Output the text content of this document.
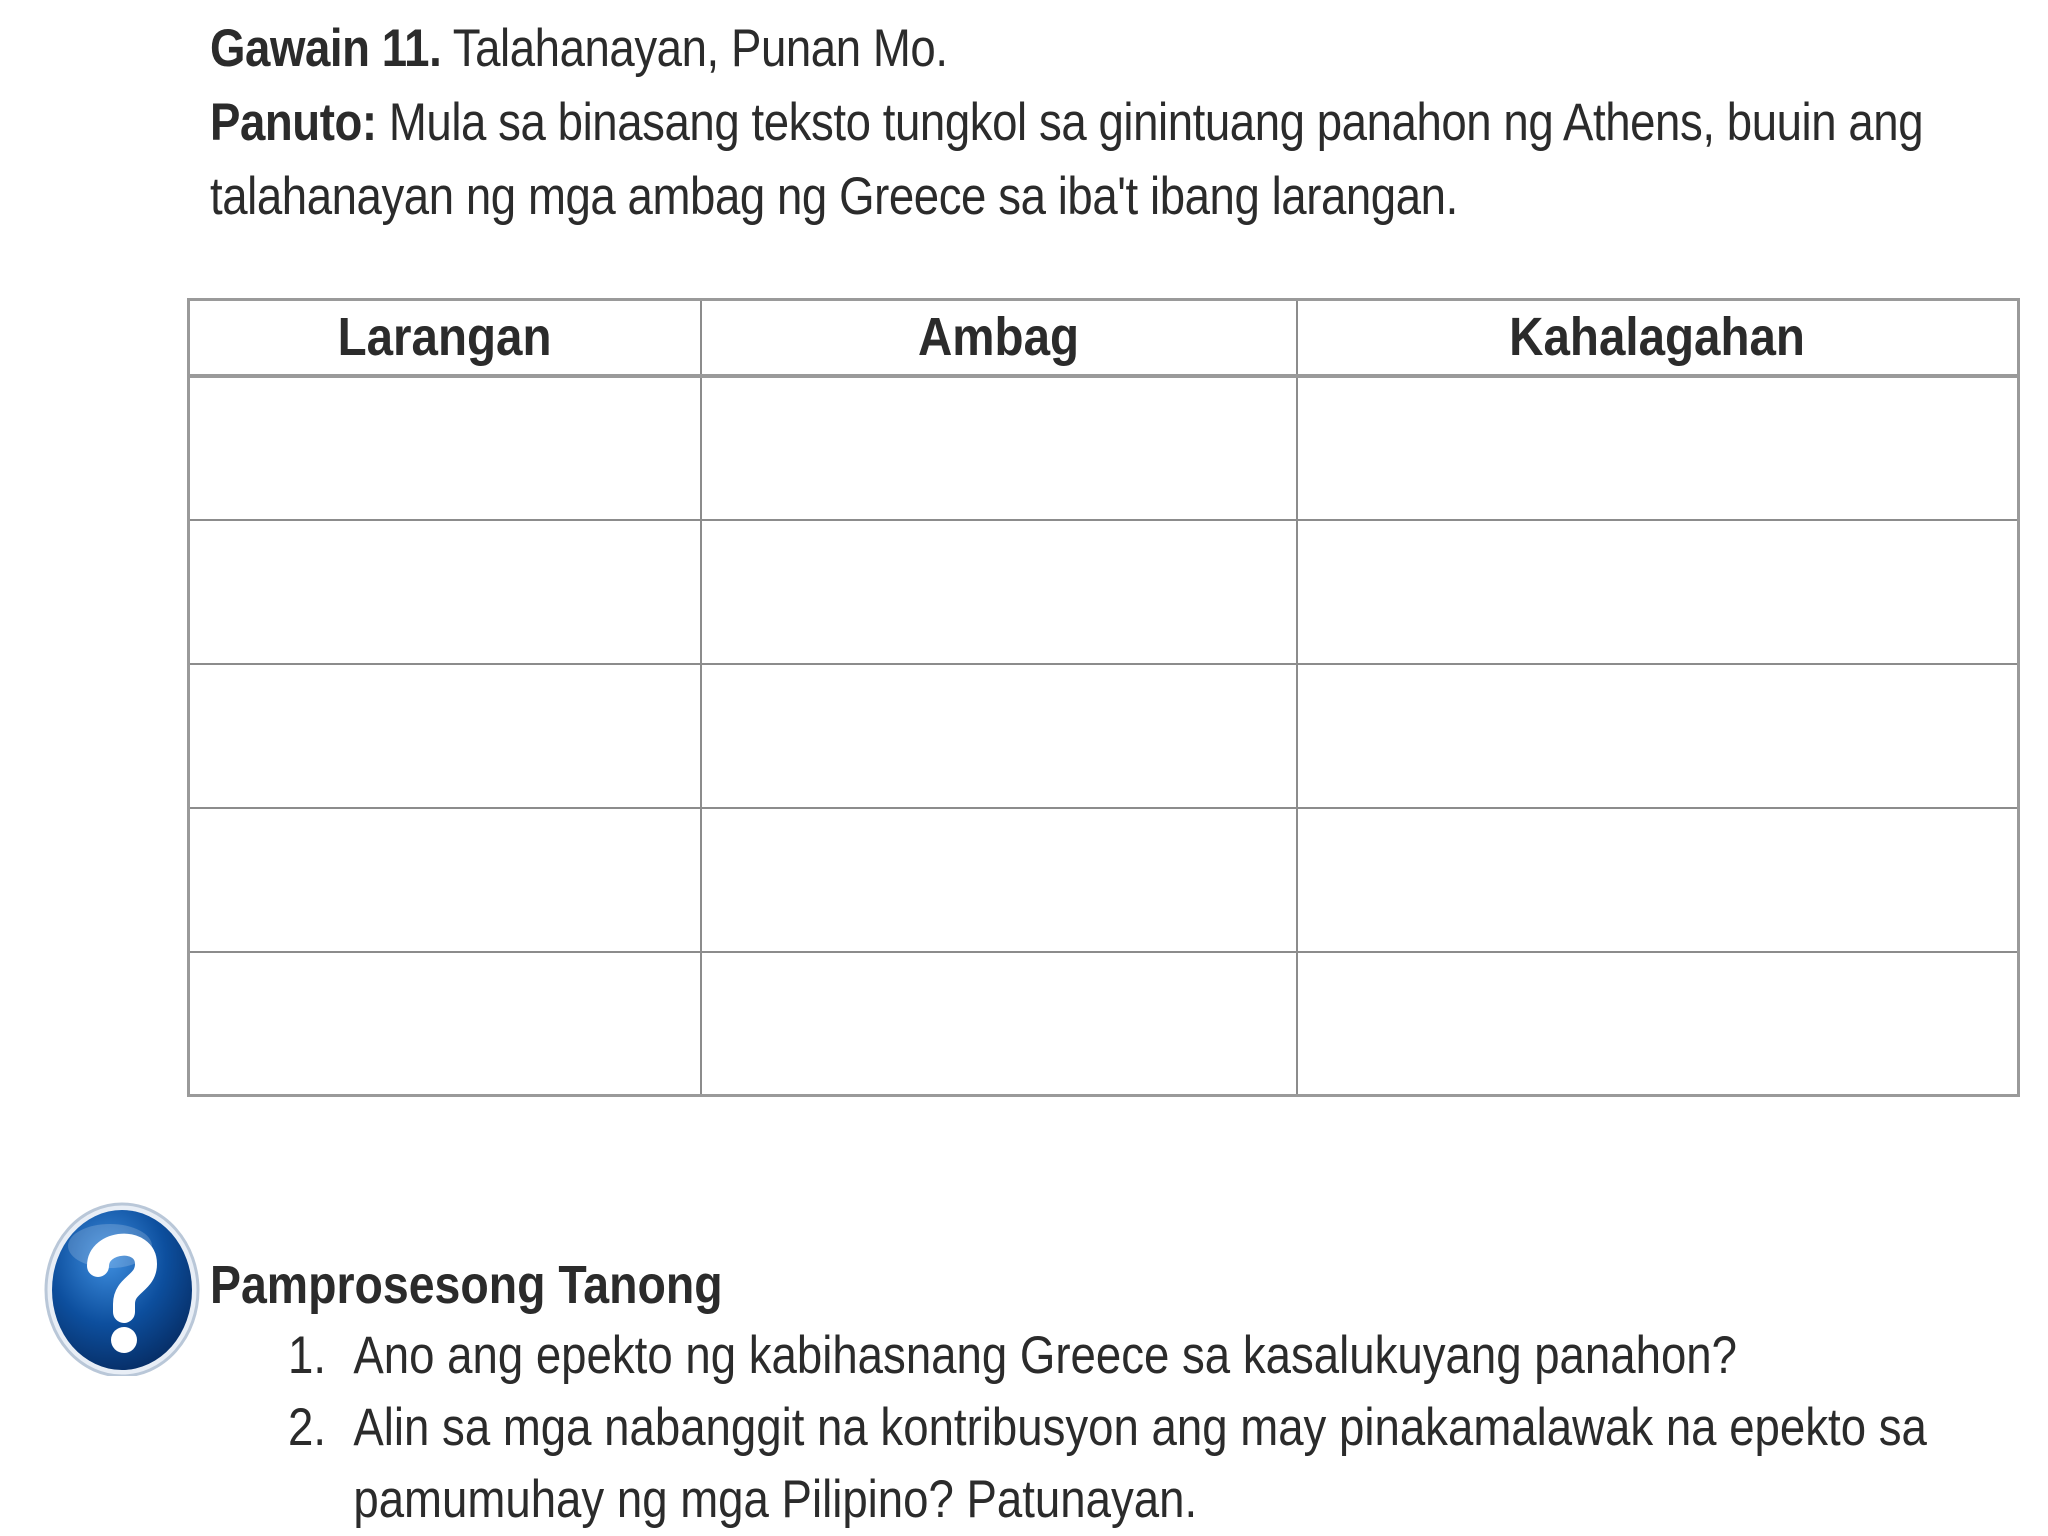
Gawain 11. Talahanayan, Punan Mo.
Panuto: Mula sa binasang teksto tungkol sa ginintuang panahon ng Athens, buuin ang talahanayan ng mga ambag ng Greece sa iba't ibang larangan.
Larangan	Ambag	Kahalagahan

Pamprosesong Tanong
1. Ano ang epekto ng kabihasnang Greece sa kasalukuyang panahon?
2. Alin sa mga nabanggit na kontribusyon ang may pinakamalawak na epekto sa pamumuhay ng mga Pilipino? Patunayan.
